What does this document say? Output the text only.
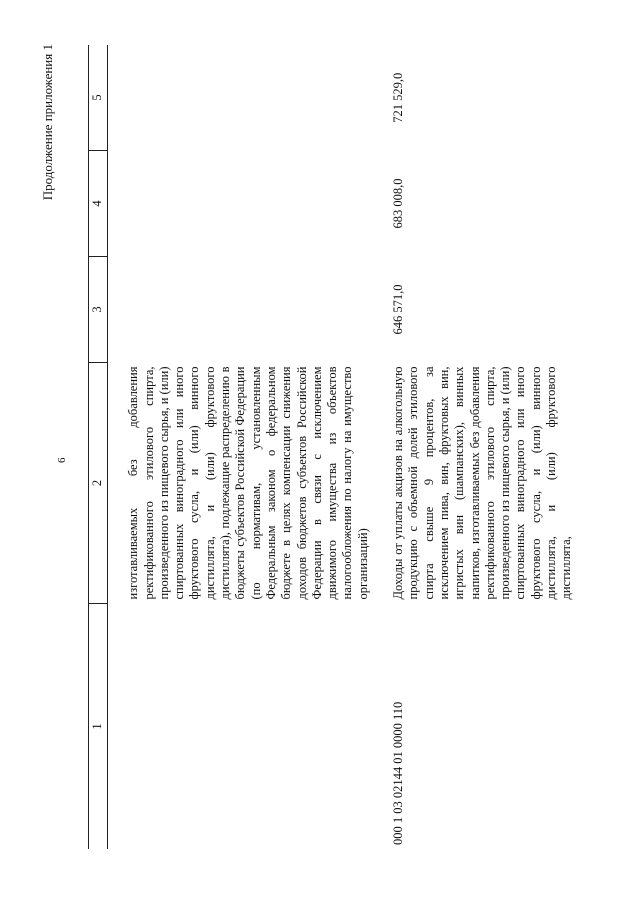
6
Продолжение приложения 1
1	2	3	4	5

	изготавливаемых без добавления ректификованного этилового спирта, произведенного из пищевого сырья, и (или) спиртованных виноградного или иного фруктового сусла, и (или) винного дистиллята, и (или) фруктового дистиллята), подлежащие распределению в бюджеты субъектов Российской Федерации (по нормативам, установленным Федеральным законом о федеральном бюджете в целях компенсации снижения доходов бюджетов субъектов Российской Федерации в связи с исключением движимого имущества из объектов налогообложения по налогу на имущество организаций)			

000 1 03 02144 01 0000 110	Доходы от уплаты акцизов на алкогольную продукцию с объемной долей этилового спирта свыше 9 процентов, за исключением пива, вин, фруктовых вин, игристых вин (шампанских), винных напитков, изготавливаемых без добавления ректификованного этилового спирта, произведенного из пищевого сырья, и (или) спиртованных виноградного или иного фруктового сусла, и (или) винного дистиллята, и (или) фруктового дистиллята,	646 571,0	683 008,0	721 529,0
